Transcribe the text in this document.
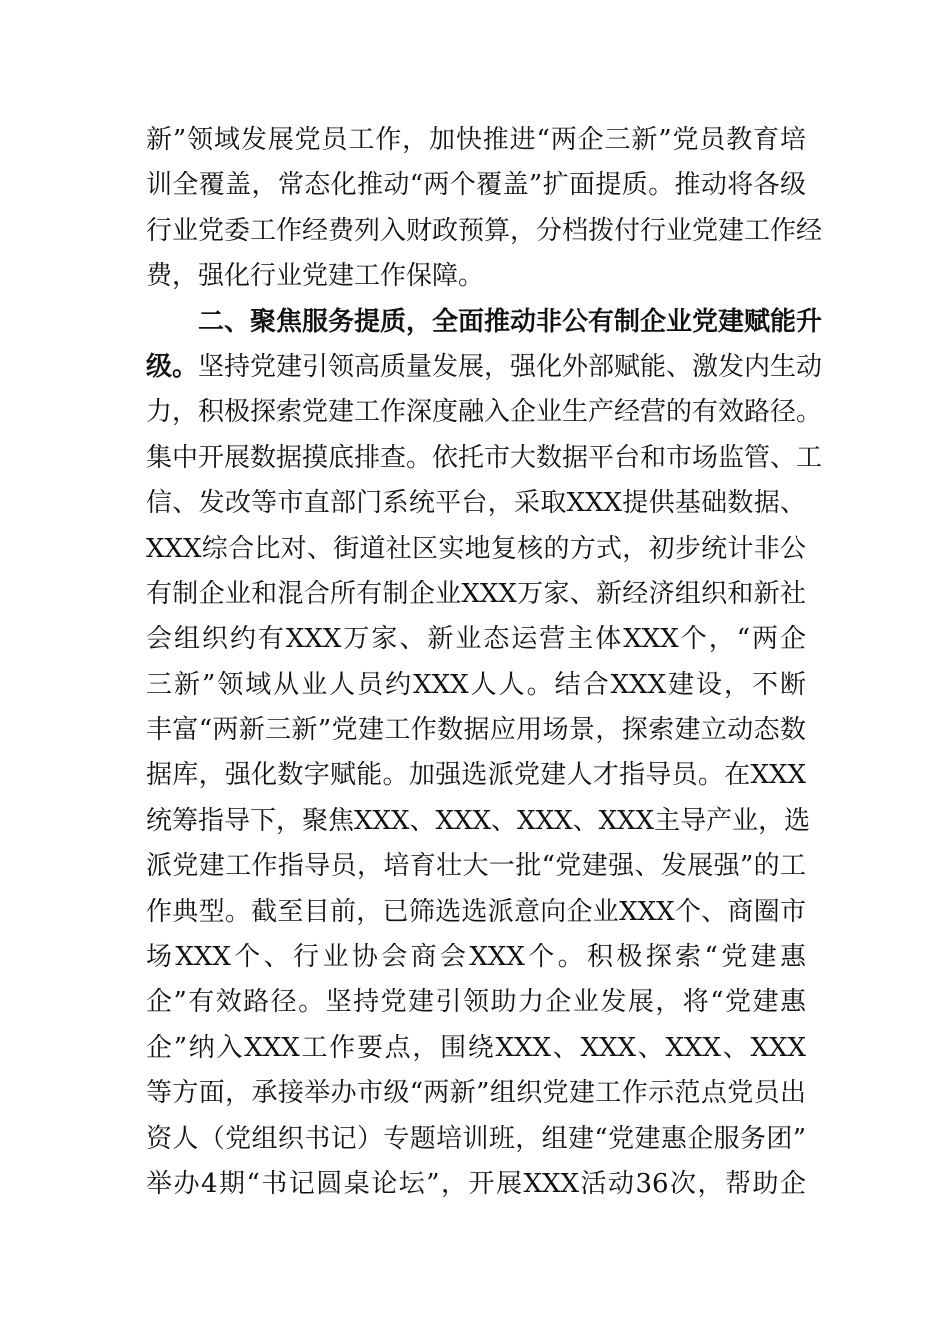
新”领域发展党员工作，加快推进“两企三新”党员教育培
训全覆盖，常态化推动“两个覆盖”扩面提质。推动将各级
行业党委工作经费列入财政预算，分档拨付行业党建工作经
费，强化行业党建工作保障。
二、聚焦服务提质，全面推动非公有制企业党建赋能升
级。坚持党建引领高质量发展，强化外部赋能、激发内生动
力，积极探索党建工作深度融入企业生产经营的有效路径。
集中开展数据摸底排查。依托市大数据平台和市场监管、工
信、发改等市直部门系统平台，采取XXX提供基础数据、
XXX综合比对、街道社区实地复核的方式，初步统计非公
有制企业和混合所有制企业XXX万家、新经济组织和新社
会组织约有XXX万家、新业态运营主体XXX个，“两企
三新”领域从业人员约XXX人人。结合XXX建设，不断
丰富“两新三新”党建工作数据应用场景，探索建立动态数
据库，强化数字赋能。加强选派党建人才指导员。在XXX
统筹指导下，聚焦XXX、XXX、XXX、XXX主导产业，选
派党建工作指导员，培育壮大一批“党建强、发展强”的工
作典型。截至目前，已筛选选派意向企业XXX个、商圈市
场XXX个、行业协会商会XXX个。积极探索“党建惠
企”有效路径。坚持党建引领助力企业发展，将“党建惠
企”纳入XXX工作要点，围绕XXX、XXX、XXX、XXX
等方面，承接举办市级“两新”组织党建工作示范点党员出
资人（党组织书记）专题培训班，组建“党建惠企服务团”
举办4期“书记圆桌论坛”，开展XXX活动36次，帮助企
